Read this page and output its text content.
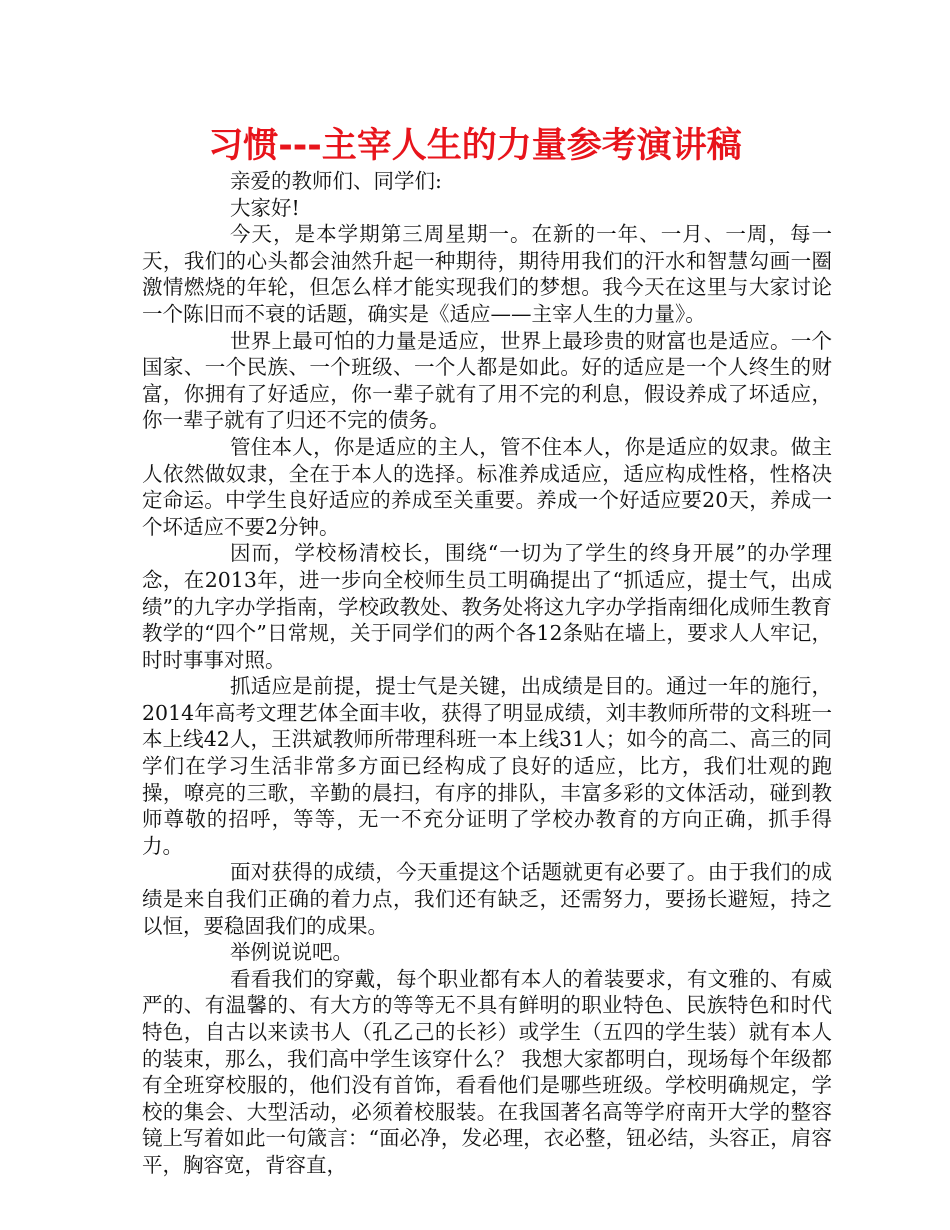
习惯---主宰人生的力量参考演讲稿

亲爱的教师们、同学们:

大家好!

今天，是本学期第三周星期一。在新的一年、一月、一周，每一天，我们的心头都会油然升起一种期待，期待用我们的汗水和智慧勾画一圈激情燃烧的年轮，但怎么样才能实现我们的梦想。我今天在这里与大家讨论一个陈旧而不衰的话题，确实是《适应——主宰人生的力量》。

世界上最可怕的力量是适应，世界上最珍贵的财富也是适应。一个国家、一个民族、一个班级、一个人都是如此。好的适应是一个人终生的财富，你拥有了好适应，你一辈子就有了用不完的利息，假设养成了坏适应，你一辈子就有了归还不完的债务。

管住本人，你是适应的主人，管不住本人，你是适应的奴隶。做主人依然做奴隶，全在于本人的选择。标准养成适应，适应构成性格，性格决定命运。中学生良好适应的养成至关重要。养成一个好适应要20天，养成一个坏适应不要2分钟。

因而，学校杨清校长，围绕“一切为了学生的终身开展”的办学理念，在2013年，进一步向全校师生员工明确提出了“抓适应，提士气，出成绩”的九字办学指南，学校政教处、教务处将这九字办学指南细化成师生教育教学的“四个”日常规，关于同学们的两个各12条贴在墙上，要求人人牢记，时时事事对照。

抓适应是前提，提士气是关键，出成绩是目的。通过一年的施行，2014年高考文理艺体全面丰收，获得了明显成绩，刘丰教师所带的文科班一本上线42人，王洪斌教师所带理科班一本上线31人；如今的高二、高三的同学们在学习生活非常多方面已经构成了良好的适应，比方，我们壮观的跑操，嘹亮的三歌，辛勤的晨扫，有序的排队，丰富多彩的文体活动，碰到教师尊敬的招呼，等等，无一不充分证明了学校办教育的方向正确，抓手得力。

面对获得的成绩，今天重提这个话题就更有必要了。由于我们的成绩是来自我们正确的着力点，我们还有缺乏，还需努力，要扬长避短，持之以恒，要稳固我们的成果。

举例说说吧。

看看我们的穿戴，每个职业都有本人的着装要求，有文雅的、有威严的、有温馨的、有大方的等等无不具有鲜明的职业特色、民族特色和时代特色，自古以来读书人（孔乙己的长衫）或学生（五四的学生装）就有本人的装束，那么，我们高中学生该穿什么？ 我想大家都明白，现场每个年级都有全班穿校服的，他们没有首饰，看看他们是哪些班级。学校明确规定，学校的集会、大型活动，必须着校服装。在我国著名高等学府南开大学的整容镜上写着如此一句箴言：“面必净，发必理，衣必整，钮必结，头容正，肩容平，胸容宽，背容直，
